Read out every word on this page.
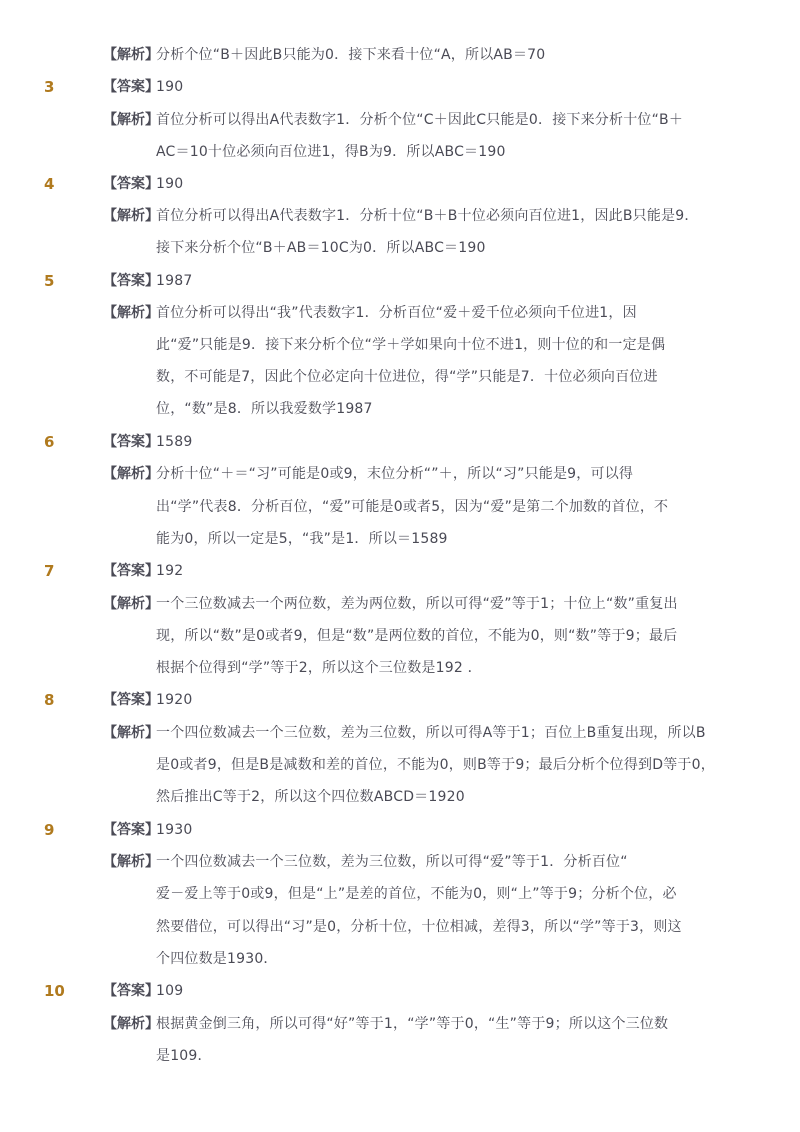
【解析】
分析个位“B＋因此B只能为0．接下来看十位“A，所以AB＝70
3	【答案】
190
【解析】
首位分析可以得出A代表数字1．分析个位“C＋因此C只能是0．接下来分析十位“B＋
AC＝10十位必须向百位进1，得B为9．所以ABC＝190
4	【答案】
190
【解析】
首位分析可以得出A代表数字1．分析十位“B＋B十位必须向百位进1，因此B只能是9．
接下来分析个位“B＋AB＝10C为0．所以ABC＝190
5	【答案】
1987
【解析】
首位分析可以得出“我”代表数字1．分析百位“爱＋爱千位必须向千位进1，因
此“爱”只能是9．接下来分析个位“学＋学如果向十位不进1，则十位的和一定是偶
数，不可能是7，因此个位必定向十位进位，得“学”只能是7．十位必须向百位进
位，“数”是8．所以我爱数学1987
6	【答案】
1589
【解析】
分析十位“＋＝“习”可能是0或9，末位分析“”＋，所以“习”只能是9，可以得
出“学”代表8．分析百位，“爱”可能是0或者5，因为“爱”是第二个加数的首位，不
能为0，所以一定是5，“我”是1．所以＝1589
7	【答案】
192
【解析】
一个三位数减去一个两位数，差为两位数，所以可得“爱”等于1；十位上“数”重复出
现，所以“数”是0或者9，但是“数”是两位数的首位，不能为0，则“数”等于9；最后
根据个位得到“学”等于2，所以这个三位数是192 ．
8	【答案】
1920
【解析】
一个四位数减去一个三位数，差为三位数，所以可得A等于1；百位上B重复出现，所以B
是0或者9，但是B是减数和差的首位，不能为0，则B等于9；最后分析个位得到D等于0，
然后推出C等于2，所以这个四位数ABCD＝1920
9	【答案】
1930
【解析】
一个四位数减去一个三位数，差为三位数，所以可得“爱”等于1．分析百位“
爱－爱上等于0或9，但是“上”是差的首位，不能为0，则“上”等于9；分析个位，必
然要借位，可以得出“习”是0，分析十位，十位相减，差得3，所以“学”等于3，则这
个四位数是1930．
10	【答案】
109
【解析】
根据黄金倒三角，所以可得“好”等于1，“学”等于0，“生”等于9；所以这个三位数
是109．
